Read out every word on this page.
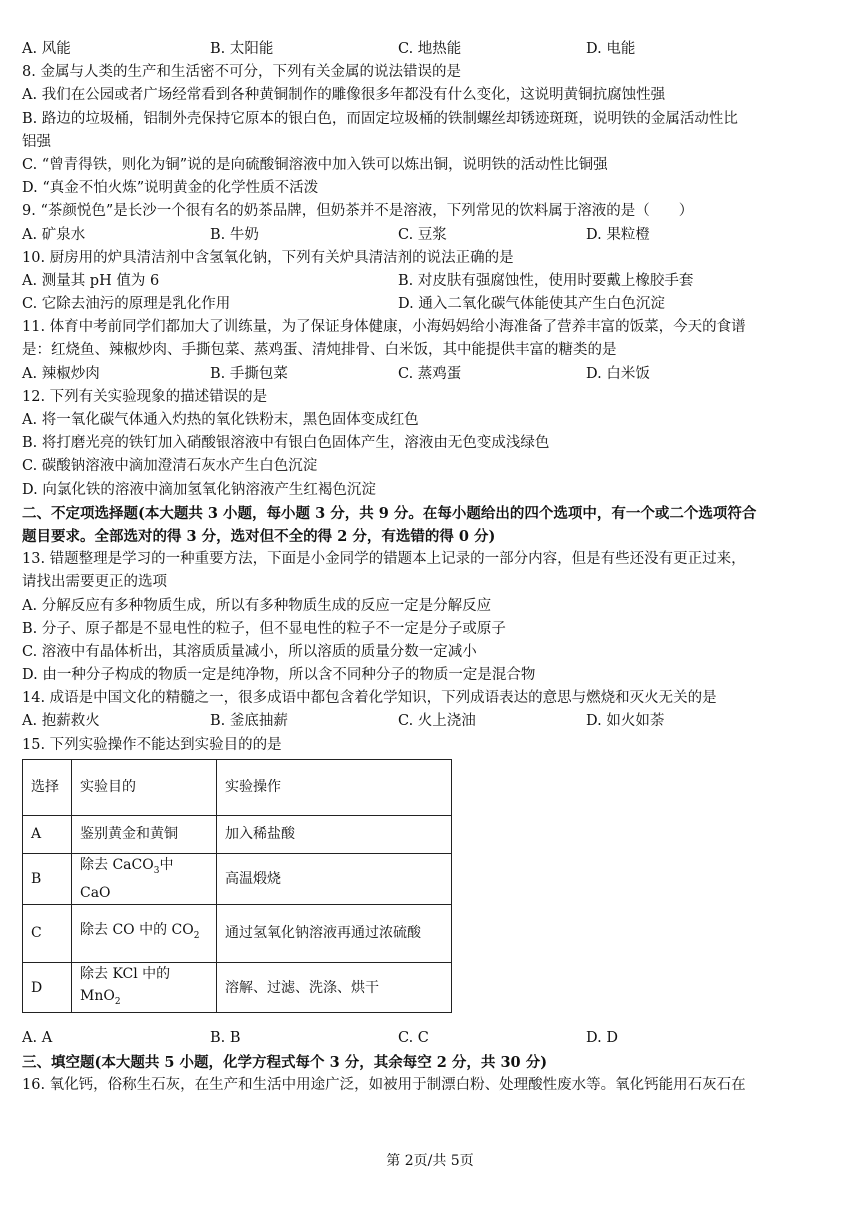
A. 风能	B. 太阳能	C. 地热能	D. 电能
8. 金属与人类的生产和生活密不可分，下列有关金属的说法错误的是
A. 我们在公园或者广场经常看到各种黄铜制作的雕像很多年都没有什么变化，这说明黄铜抗腐蚀性强
B. 路边的垃圾桶，铝制外壳保持它原本的银白色，而固定垃圾桶的铁制螺丝却锈迹斑斑，说明铁的金属活动性比
铝强
C. “曾青得铁，则化为铜”说的是向硫酸铜溶液中加入铁可以炼出铜，说明铁的活动性比铜强
D. “真金不怕火炼”说明黄金的化学性质不活泼
9. “茶颜悦色”是长沙一个很有名的奶茶品牌，但奶茶并不是溶液，下列常见的饮料属于溶液的是（　　）
A. 矿泉水	B. 牛奶	C. 豆浆	D. 果粒橙
10. 厨房用的炉具清洁剂中含氢氧化钠，下列有关炉具清洁剂的说法正确的是
A. 测量其 pH 值为 6	B. 对皮肤有强腐蚀性，使用时要戴上橡胶手套
C. 它除去油污的原理是乳化作用	D. 通入二氧化碳气体能使其产生白色沉淀
11. 体育中考前同学们都加大了训练量，为了保证身体健康，小海妈妈给小海准备了营养丰富的饭菜，今天的食谱
是：红烧鱼、辣椒炒肉、手撕包菜、蒸鸡蛋、清炖排骨、白米饭，其中能提供丰富的糖类的是
A. 辣椒炒肉	B. 手撕包菜	C. 蒸鸡蛋	D. 白米饭
12. 下列有关实验现象的描述错误的是
A. 将一氧化碳气体通入灼热的氧化铁粉末，黑色固体变成红色
B. 将打磨光亮的铁钉加入硝酸银溶液中有银白色固体产生，溶液由无色变成浅绿色
C. 碳酸钠溶液中滴加澄清石灰水产生白色沉淀
D. 向氯化铁的溶液中滴加氢氧化钠溶液产生红褐色沉淀
二、不定项选择题(本大题共 3 小题，每小题 3 分，共 9 分。在每小题给出的四个选项中，有一个或二个选项符合
题目要求。全部选对的得 3 分，选对但不全的得 2 分，有选错的得 0 分)
13. 错题整理是学习的一种重要方法，下面是小金同学的错题本上记录的一部分内容，但是有些还没有更正过来，
请找出需要更正的选项
A. 分解反应有多种物质生成，所以有多种物质生成的反应一定是分解反应
B. 分子、原子都是不显电性的粒子，但不显电性的粒子不一定是分子或原子
C. 溶液中有晶体析出，其溶质质量减小，所以溶质的质量分数一定减小
D. 由一种分子构成的物质一定是纯净物，所以含不同种分子的物质一定是混合物
14. 成语是中国文化的精髓之一，很多成语中都包含着化学知识，下列成语表达的意思与燃烧和灭火无关的是
A. 抱薪救火	B. 釜底抽薪	C. 火上浇油	D. 如火如荼
15. 下列实验操作不能达到实验目的的是
选择	实验目的	实验操作
A	鉴别黄金和黄铜	加入稀盐酸
B	除去 CaCO$_3$中 CaO	高温煅烧
C	除去 CO 中的 $CO_2$	通过氢氧化钠溶液再通过浓硫酸
D	除去 KCl 中的 MnO$_2$	溶解、过滤、洗涤、烘干
A. A	B. B	C. C	D. D
三、填空题(本大题共 5 小题，化学方程式每个 3 分，其余每空 2 分，共 30 分)
16. 氧化钙，俗称生石灰，在生产和生活中用途广泛，如被用于制漂白粉、处理酸性废水等。氧化钙能用石灰石在
第 2页/共 5页
